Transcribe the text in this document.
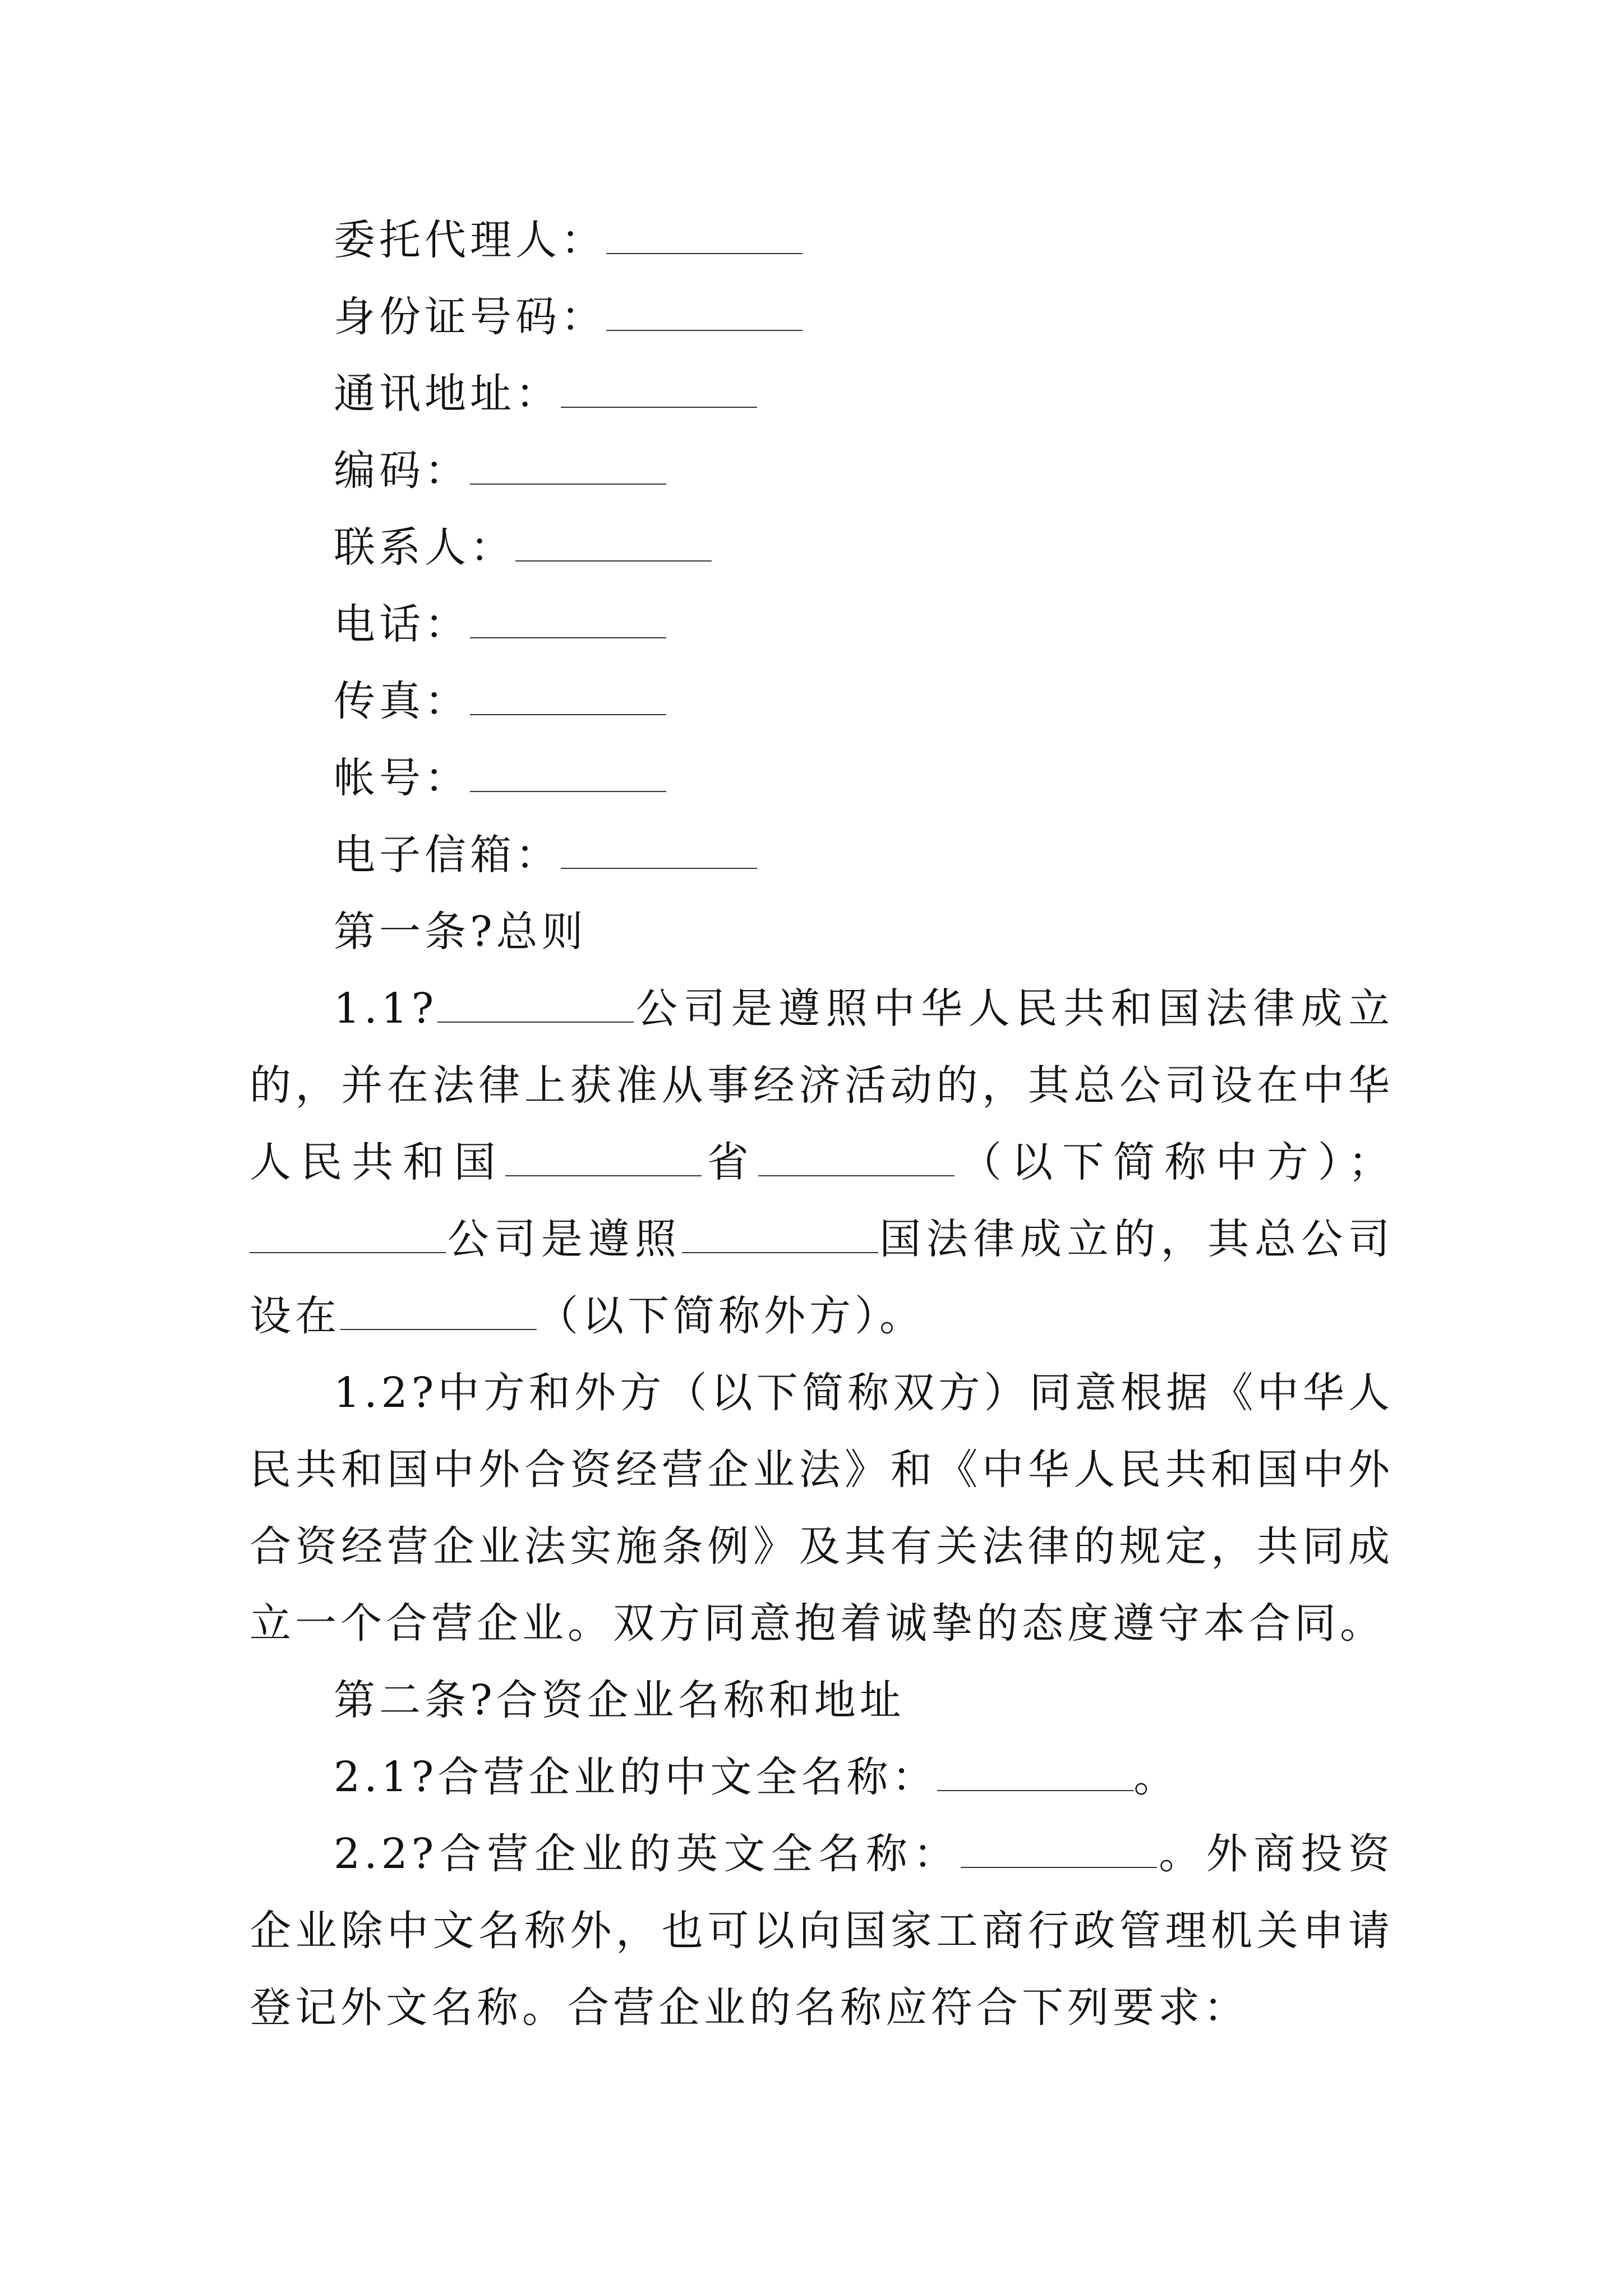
委托代理人：

身份证号码：

通讯地址：

编码：

联系人：

电话：

传真：

帐号：

电子信箱：

第一条?总则

1.1?	公司是遵照中华人民共和国法律成立的，并在法律上获准从事经济活动的，其总公司设在中华人民共和国	省	（以下简称中方）；公司是遵照	国法律成立的，其总公司设在	（以下简称外方）。

1.2?中方和外方（以下简称双方）同意根据《中华人民共和国中外合资经营企业法》和《中华人民共和国中外合资经营企业法实施条例》及其有关法律的规定，共同成立一个合营企业。双方同意抱着诚挚的态度遵守本合同。

第二条?合资企业名称和地址

2.1?合营企业的中文全名称：	。

2.2?合营企业的英文全名称：	。外商投资企业除中文名称外，也可以向国家工商行政管理机关申请登记外文名称。合营企业的名称应符合下列要求：
